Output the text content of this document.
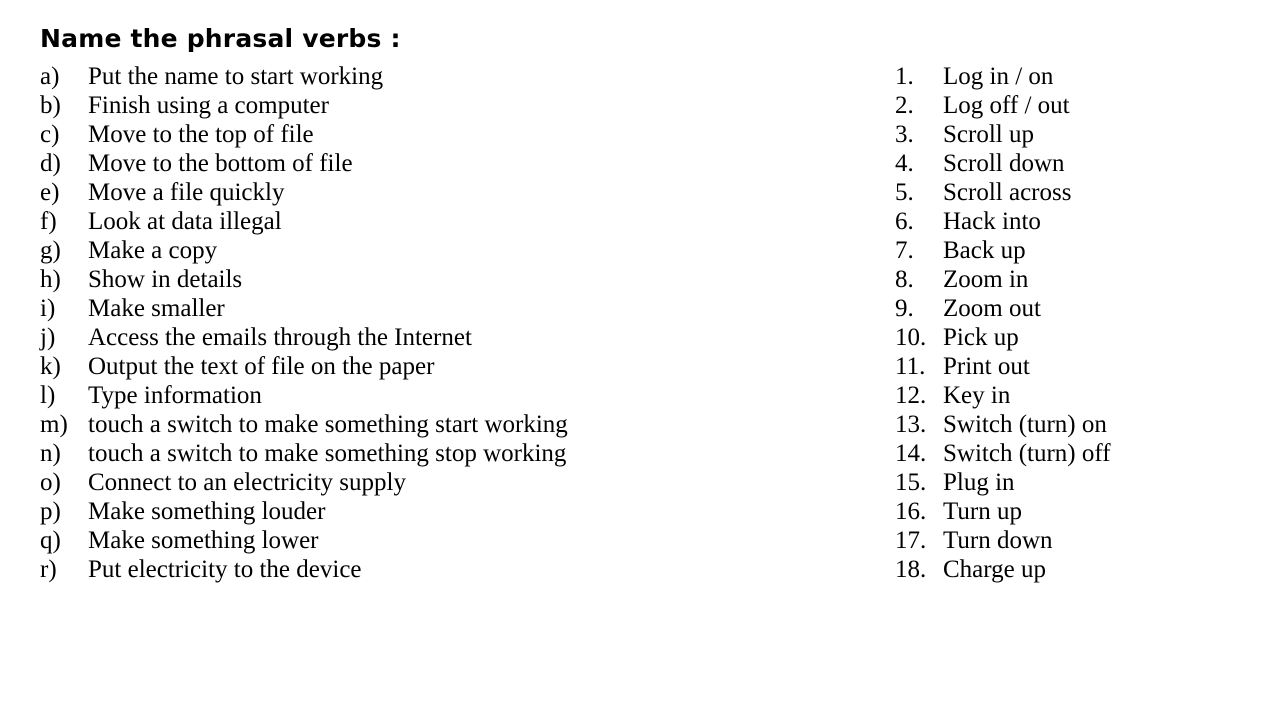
Name the phrasal verbs :
a)	Put the name to start working
b)	Finish using a computer
c)	Move to the top of file
d)	Move to the bottom of file
e)	Move a file quickly
f)	Look at data illegal
g)	Make a copy
h)	Show in details
i)	Make smaller
j)	Access the emails through the Internet
k)	Output the text of file on the paper
l)	Type information
m) touch a switch to make something start working
n)	touch a switch to make something stop working
o)	Connect to an electricity supply
p)	Make something louder
q)	Make something lower
r)	Put electricity to the device
1.	Log in / on
2.	Log off / out
3.	Scroll up
4.	Scroll down
5.	Scroll across
6.	Hack into
7.	Back up
8.	Zoom in
9.	Zoom out
10. Pick up
11. Print out
12. Key in
13. Switch (turn) on
14. Switch (turn) off
15. Plug in
16. Turn up
17. Turn down
18. Charge up
